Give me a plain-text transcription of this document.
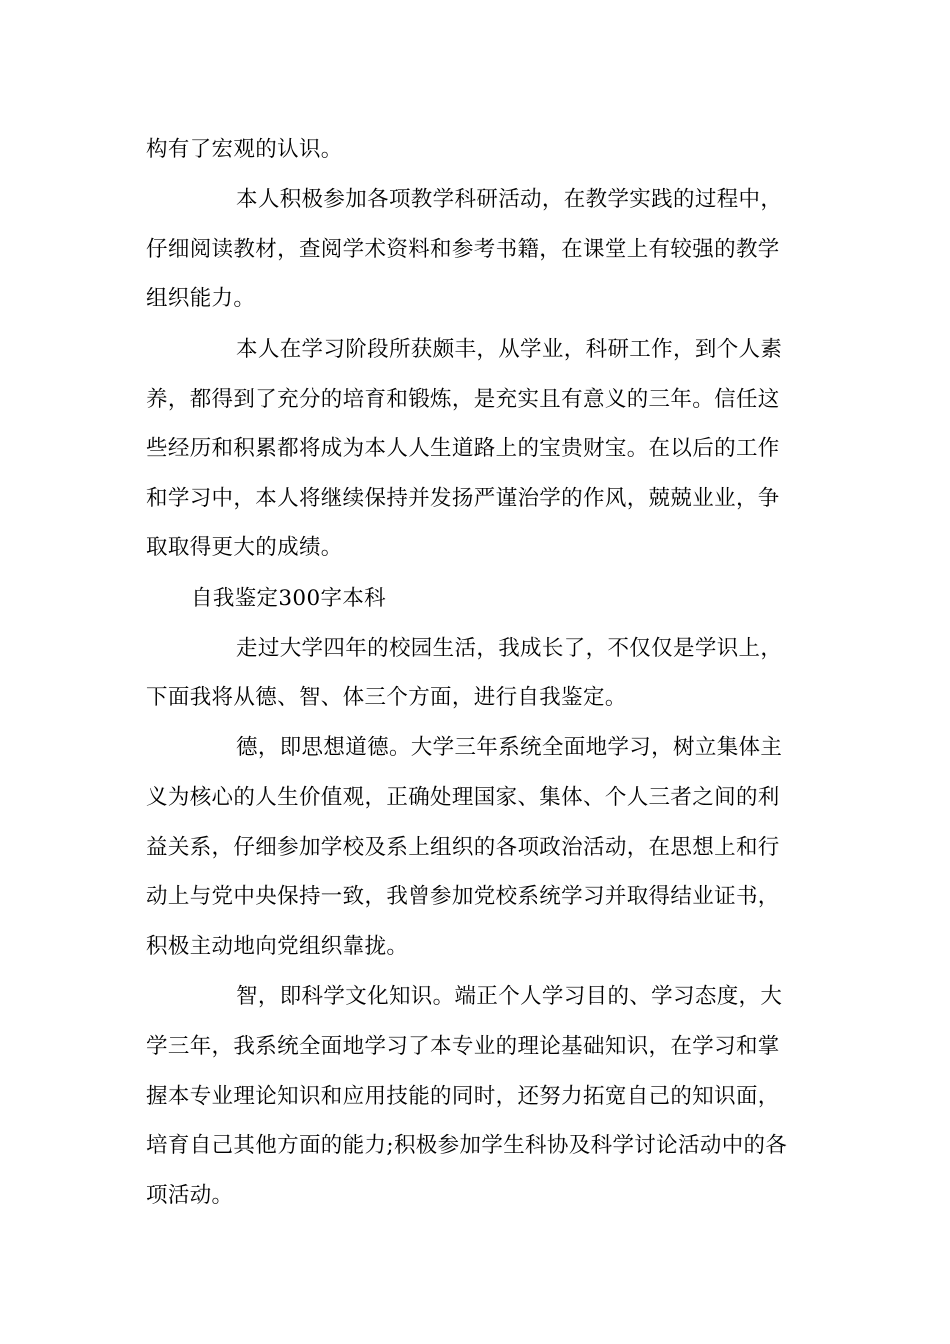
构有了宏观的认识。
本人积极参加各项教学科研活动，在教学实践的过程中，
仔细阅读教材，查阅学术资料和参考书籍，在课堂上有较强的教学
组织能力。
本人在学习阶段所获颇丰，从学业，科研工作，到个人素
养，都得到了充分的培育和锻炼，是充实且有意义的三年。信任这
些经历和积累都将成为本人人生道路上的宝贵财宝。在以后的工作
和学习中，本人将继续保持并发扬严谨治学的作风，兢兢业业，争
取取得更大的成绩。
自我鉴定300字本科
走过大学四年的校园生活，我成长了，不仅仅是学识上，
下面我将从德、智、体三个方面，进行自我鉴定。
德，即思想道德。大学三年系统全面地学习，树立集体主
义为核心的人生价值观，正确处理国家、集体、个人三者之间的利
益关系，仔细参加学校及系上组织的各项政治活动，在思想上和行
动上与党中央保持一致，我曾参加党校系统学习并取得结业证书，
积极主动地向党组织靠拢。
智，即科学文化知识。端正个人学习目的、学习态度，大
学三年，我系统全面地学习了本专业的理论基础知识，在学习和掌
握本专业理论知识和应用技能的同时，还努力拓宽自己的知识面，
培育自己其他方面的能力;积极参加学生科协及科学讨论活动中的各
项活动。
